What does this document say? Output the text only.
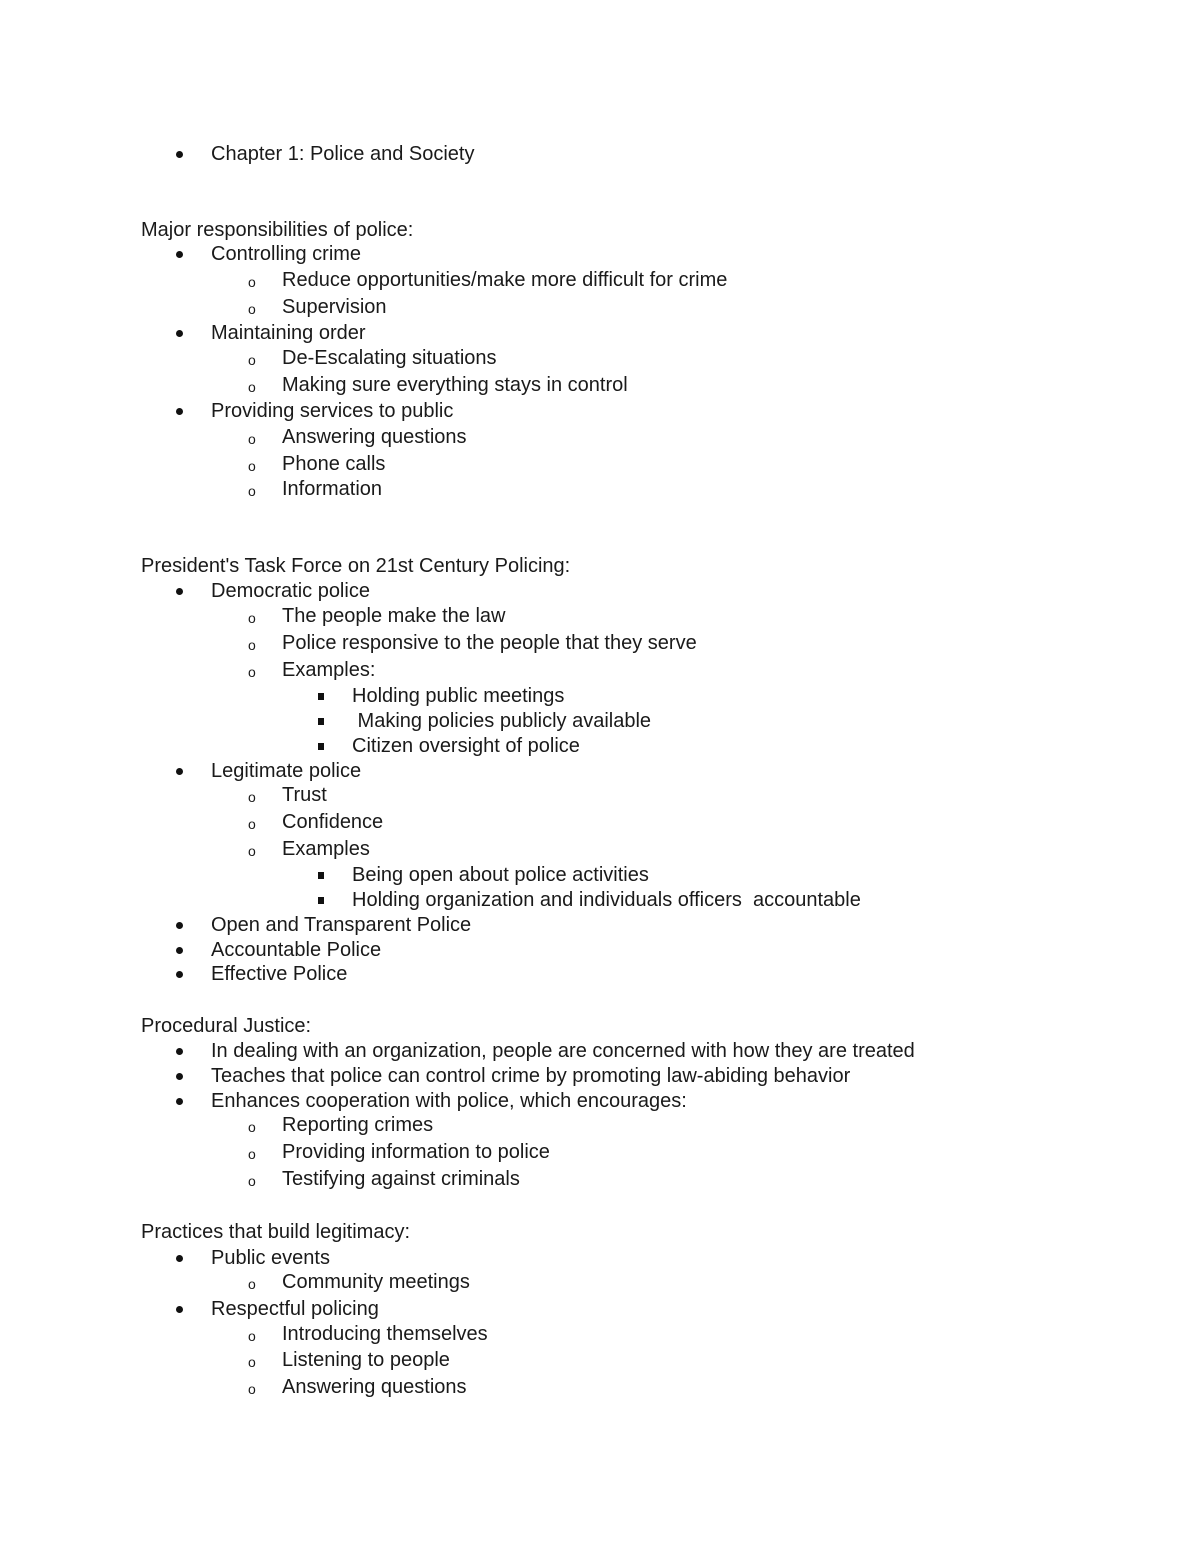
Chapter 1: Police and Society
Major responsibilities of police:
Controlling crime
o Reduce opportunities/make more difficult for crime
o Supervision
Maintaining order
o De-Escalating situations
o Making sure everything stays in control
Providing services to public
o Answering questions
o Phone calls
o Information
President's Task Force on 21st Century Policing:
Democratic police
o The people make the law
o Police responsive to the people that they serve
o Examples:
Holding public meetings
Making policies publicly available
Citizen oversight of police
Legitimate police
o Trust
o Confidence
o Examples
Being open about police activities
Holding organization and individuals officers  accountable
Open and Transparent Police
Accountable Police
Effective Police
Procedural Justice:
In dealing with an organization, people are concerned with how they are treated
Teaches that police can control crime by promoting law-abiding behavior
Enhances cooperation with police, which encourages:
o Reporting crimes
o Providing information to police
o Testifying against criminals
Practices that build legitimacy:
Public events
o Community meetings
Respectful policing
o Introducing themselves
o Listening to people
o Answering questions
